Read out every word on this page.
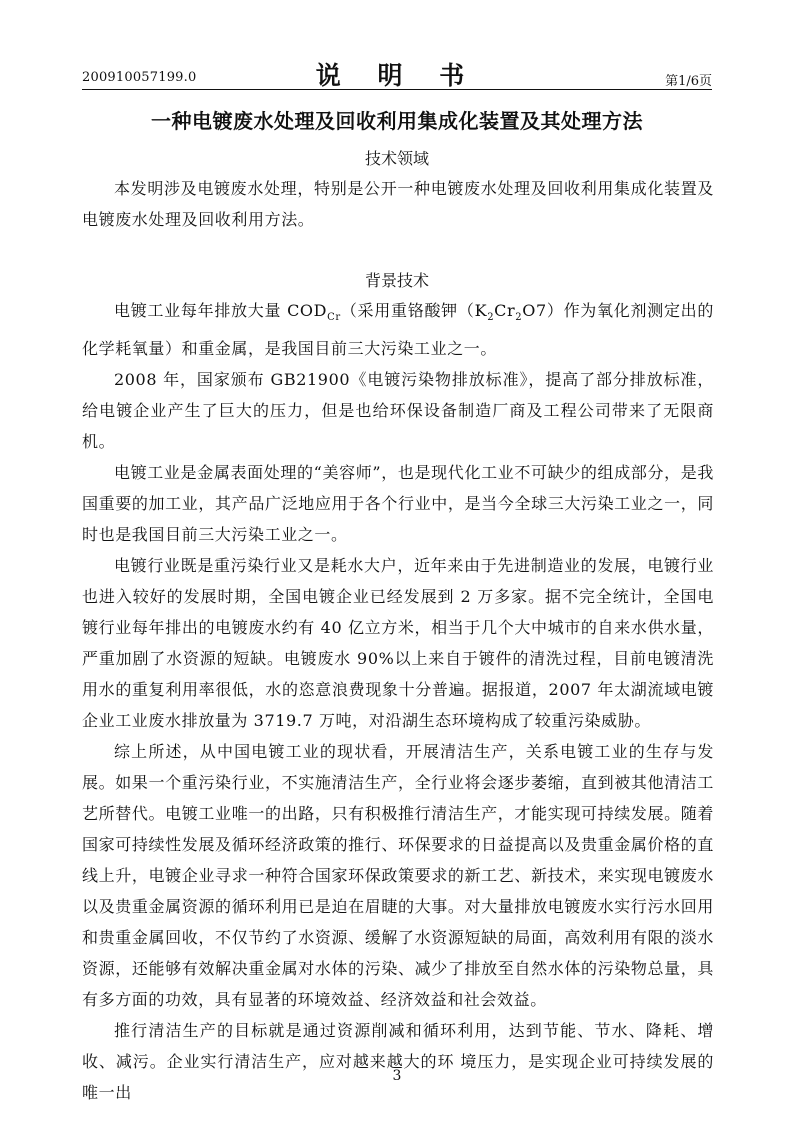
200910057199.0	说 明 书	第1/6页
一种电镀废水处理及回收利用集成化装置及其处理方法
技术领域

本发明涉及电镀废水处理，特别是公开一种电镀废水处理及回收利用集成化装置及电镀废水处理及回收利用方法。

背景技术

电镀工业每年排放大量 $COD_{Cr}$（采用重铬酸钾$(K_2Cr_2O7)$作为氧化剂测定出的化学耗氧量）和重金属，是我国目前三大污染工业之一。

2008 年，国家颁布 GB21900《电镀污染物排放标准》，提高了部分排放标准，给电镀企业产生了巨大的压力，但是也给环保设备制造厂商及工程公司带来了无限商机。

电镀工业是金属表面处理的“美容师”，也是现代化工业不可缺少的组成部分，是我国重要的加工业，其产品广泛地应用于各个行业中，是当今全球三大污染工业之一，同时也是我国目前三大污染工业之一。

电镀行业既是重污染行业又是耗水大户，近年来由于先进制造业的发展，电镀行业也进入较好的发展时期，全国电镀企业已经发展到 2 万多家。据不完全统计，全国电镀行业每年排出的电镀废水约有 40 亿立方米，相当于几个大中城市的自来水供水量，严重加剧了水资源的短缺。电镀废水 90%以上来自于镀件的清洗过程，目前电镀清洗用水的重复利用率很低，水的恣意浪费现象十分普遍。据报道，2007 年太湖流域电镀企业工业废水排放量为 3719.7 万吨，对沿湖生态环境构成了较重污染威胁。

综上所述，从中国电镀工业的现状看，开展清洁生产，关系电镀工业的生存与发展。如果一个重污染行业，不实施清洁生产，全行业将会逐步萎缩，直到被其他清洁工艺所替代。电镀工业唯一的出路，只有积极推行清洁生产，才能实现可持续发展。随着国家可持续性发展及循环经济政策的推行、环保要求的日益提高以及贵重金属价格的直线上升，电镀企业寻求一种符合国家环保政策要求的新工艺、新技术，来实现电镀废水以及贵重金属资源的循环利用已是迫在眉睫的大事。对大量排放电镀废水实行污水回用和贵重金属回收，不仅节约了水资源、缓解了水资源短缺的局面，高效利用有限的淡水资源，还能够有效解决重金属对水体的污染、减少了排放至自然水体的污染物总量，具有多方面的功效，具有显著的环境效益、经济效益和社会效益。

推行清洁生产的目标就是通过资源削减和循环利用，达到节能、节水、降耗、增收、减污。企业实行清洁生产，应对越来越大的环 境压力，是实现企业可持续发展的唯一出

3
